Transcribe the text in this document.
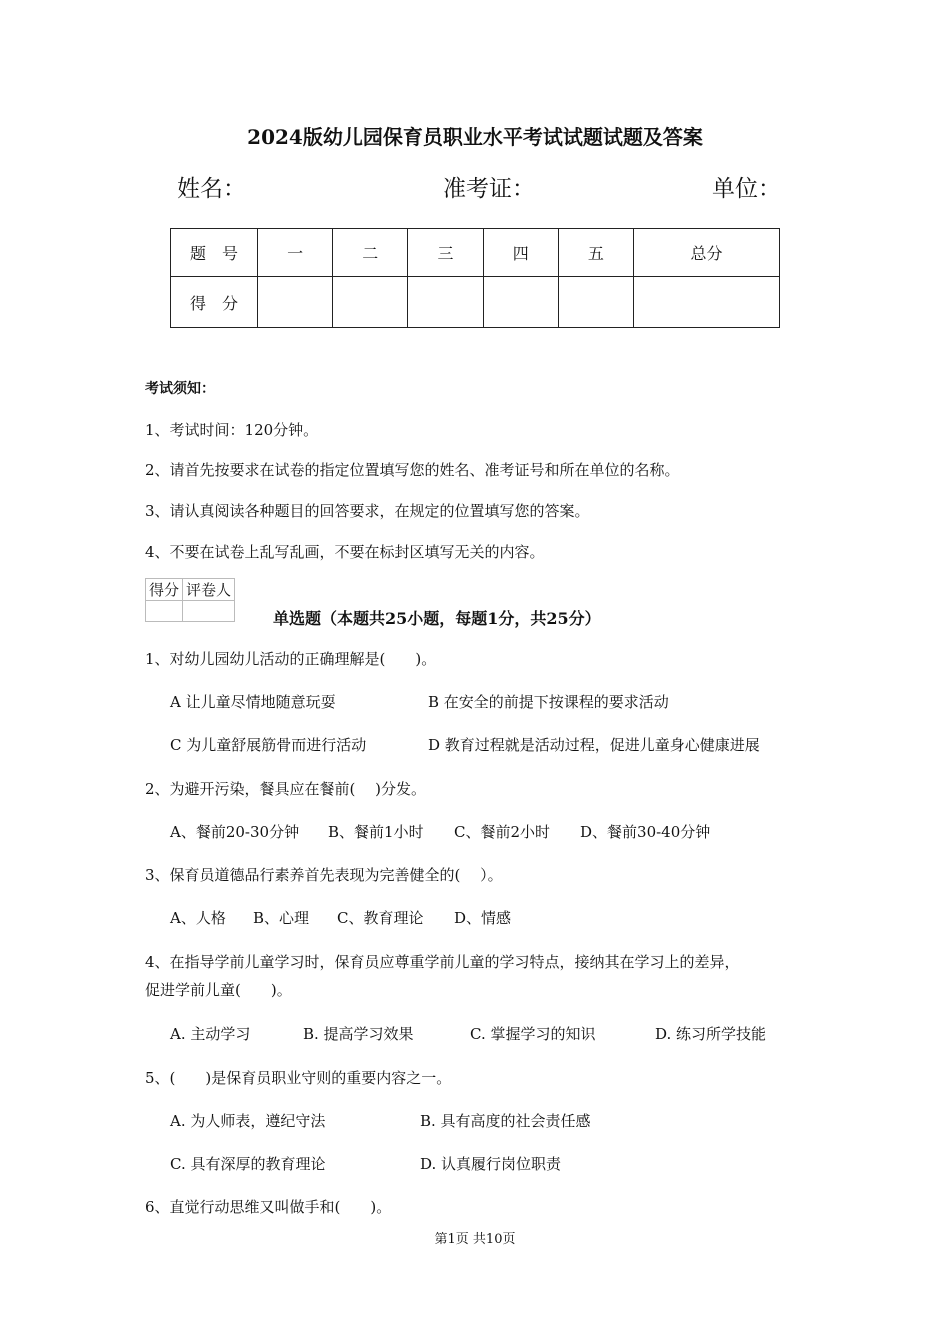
2024版幼儿园保育员职业水平考试试题试题及答案
姓名：	准考证：	单位：
题　号	一	二	三	四	五	总分
得　分						
考试须知：
1、考试时间：120分钟。
2、请首先按要求在试卷的指定位置填写您的姓名、准考证号和所在单位的名称。
3、请认真阅读各种题目的回答要求，在规定的位置填写您的答案。
4、不要在试卷上乱写乱画，不要在标封区填写无关的内容。
得分	评卷人

单选题（本题共25小题，每题1分，共25分）
1、对幼儿园幼儿活动的正确理解是(　　)。
A 让儿童尽情地随意玩耍	B 在安全的前提下按课程的要求活动
C 为儿童舒展筋骨而进行活动	D 教育过程就是活动过程，促进儿童身心健康进展
2、为避开污染，餐具应在餐前(　 )分发。
A、餐前20-30分钟 B、餐前1小时 C、餐前2小时 D、餐前30-40分钟
3、保育员道德品行素养首先表现为完善健全的(　 ）。
A、人格 B、心理 C、教育理论 D、情感
4、在指导学前儿童学习时，保育员应尊重学前儿童的学习特点，接纳其在学习上的差异，
促进学前儿童(　　)。
A. 主动学习	B. 提高学习效果	C. 掌握学习的知识	D. 练习所学技能
5、(　　)是保育员职业守则的重要内容之一。
A. 为人师表，遵纪守法	B. 具有高度的社会责任感
C. 具有深厚的教育理论	D. 认真履行岗位职责
6、直觉行动思维又叫做手和(　　)。
第1页 共10页
